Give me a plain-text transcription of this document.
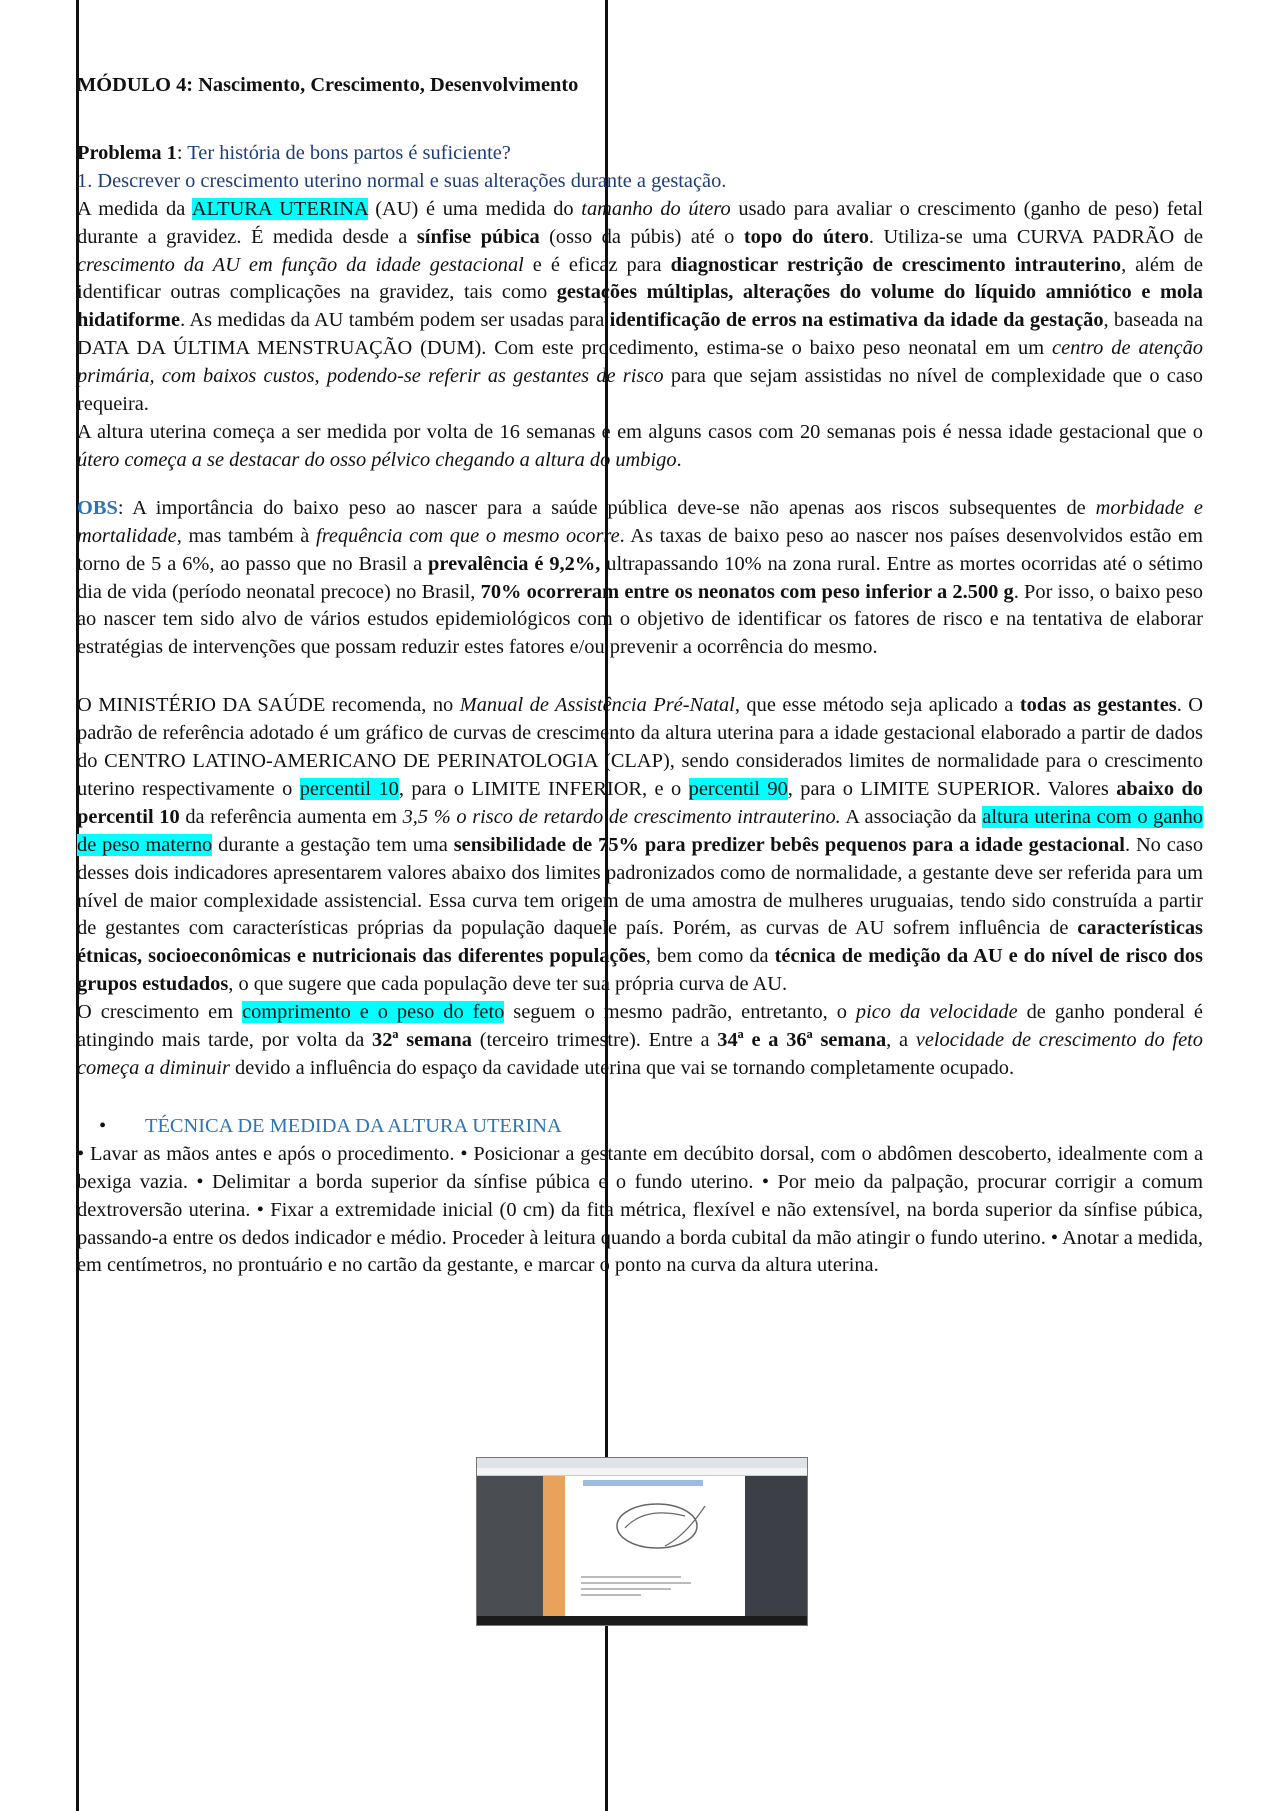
MÓDULO 4: Nascimento, Crescimento, Desenvolvimento

Problema 1: Ter história de bons partos é suficiente?

1. Descrever o crescimento uterino normal e suas alterações durante a gestação.

A medida da ALTURA UTERINA (AU) é uma medida do tamanho do útero usado para avaliar o crescimento (ganho de peso) fetal durante a gravidez. É medida desde a sínfise púbica (osso da púbis) até o topo do útero. Utiliza-se uma CURVA PADRÃO de crescimento da AU em função da idade gestacional e é eficaz para diagnosticar restrição de crescimento intrauterino, além de identificar outras complicações na gravidez, tais como gestações múltiplas, alterações do volume do líquido amniótico e mola hidatiforme. As medidas da AU também podem ser usadas para identificação de erros na estimativa da idade da gestação, baseada na DATA DA ÚLTIMA MENSTRUAÇÃO (DUM). Com este procedimento, estima-se o baixo peso neonatal em um centro de atenção primária, com baixos custos, podendo-se referir as gestantes de risco para que sejam assistidas no nível de complexidade que o caso requeira.

A altura uterina começa a ser medida por volta de 16 semanas e em alguns casos com 20 semanas pois é nessa idade gestacional que o útero começa a se destacar do osso pélvico chegando a altura do umbigo.

OBS: A importância do baixo peso ao nascer para a saúde pública deve-se não apenas aos riscos subsequentes de morbidade e mortalidade, mas também à frequência com que o mesmo ocorre. As taxas de baixo peso ao nascer nos países desenvolvidos estão em torno de 5 a 6%, ao passo que no Brasil a prevalência é 9,2%, ultrapassando 10% na zona rural. Entre as mortes ocorridas até o sétimo dia de vida (período neonatal precoce) no Brasil, 70% ocorreram entre os neonatos com peso inferior a 2.500 g. Por isso, o baixo peso ao nascer tem sido alvo de vários estudos epidemiológicos com o objetivo de identificar os fatores de risco e na tentativa de elaborar estratégias de intervenções que possam reduzir estes fatores e/ou prevenir a ocorrência do mesmo.

O MINISTÉRIO DA SAÚDE recomenda, no Manual de Assistência Pré-Natal, que esse método seja aplicado a todas as gestantes. O padrão de referência adotado é um gráfico de curvas de crescimento da altura uterina para a idade gestacional elaborado a partir de dados do CENTRO LATINO-AMERICANO DE PERINATOLOGIA (CLAP), sendo considerados limites de normalidade para o crescimento uterino respectivamente o percentil 10, para o LIMITE INFERIOR, e o percentil 90, para o LIMITE SUPERIOR. Valores abaixo do percentil 10 da referência aumenta em 3,5 % o risco de retardo de crescimento intrauterino. A associação da altura uterina com o ganho de peso materno durante a gestação tem uma sensibilidade de 75% para predizer bebês pequenos para a idade gestacional. No caso desses dois indicadores apresentarem valores abaixo dos limites padronizados como de normalidade, a gestante deve ser referida para um nível de maior complexidade assistencial. Essa curva tem origem de uma amostra de mulheres uruguaias, tendo sido construída a partir de gestantes com características próprias da população daquele país. Porém, as curvas de AU sofrem influência de características étnicas, socioeconômicas e nutricionais das diferentes populações, bem como da técnica de medição da AU e do nível de risco dos grupos estudados, o que sugere que cada população deve ter sua própria curva de AU.

O crescimento em comprimento e o peso do feto seguem o mesmo padrão, entretanto, o pico da velocidade de ganho ponderal é atingindo mais tarde, por volta da 32ª semana (terceiro trimestre). Entre a 34ª e a 36ª semana, a velocidade de crescimento do feto começa a diminuir devido a influência do espaço da cavidade uterina que vai se tornando completamente ocupado.

• TÉCNICA DE MEDIDA DA ALTURA UTERINA

• Lavar as mãos antes e após o procedimento. • Posicionar a gestante em decúbito dorsal, com o abdômen descoberto, idealmente com a bexiga vazia. • Delimitar a borda superior da sínfise púbica e o fundo uterino. • Por meio da palpação, procurar corrigir a comum dextroversão uterina. • Fixar a extremidade inicial (0 cm) da fita métrica, flexível e não extensível, na borda superior da sínfise púbica, passando-a entre os dedos indicador e médio. Proceder à leitura quando a borda cubital da mão atingir o fundo uterino. • Anotar a medida, em centímetros, no prontuário e no cartão da gestante, e marcar o ponto na curva da altura uterina.
